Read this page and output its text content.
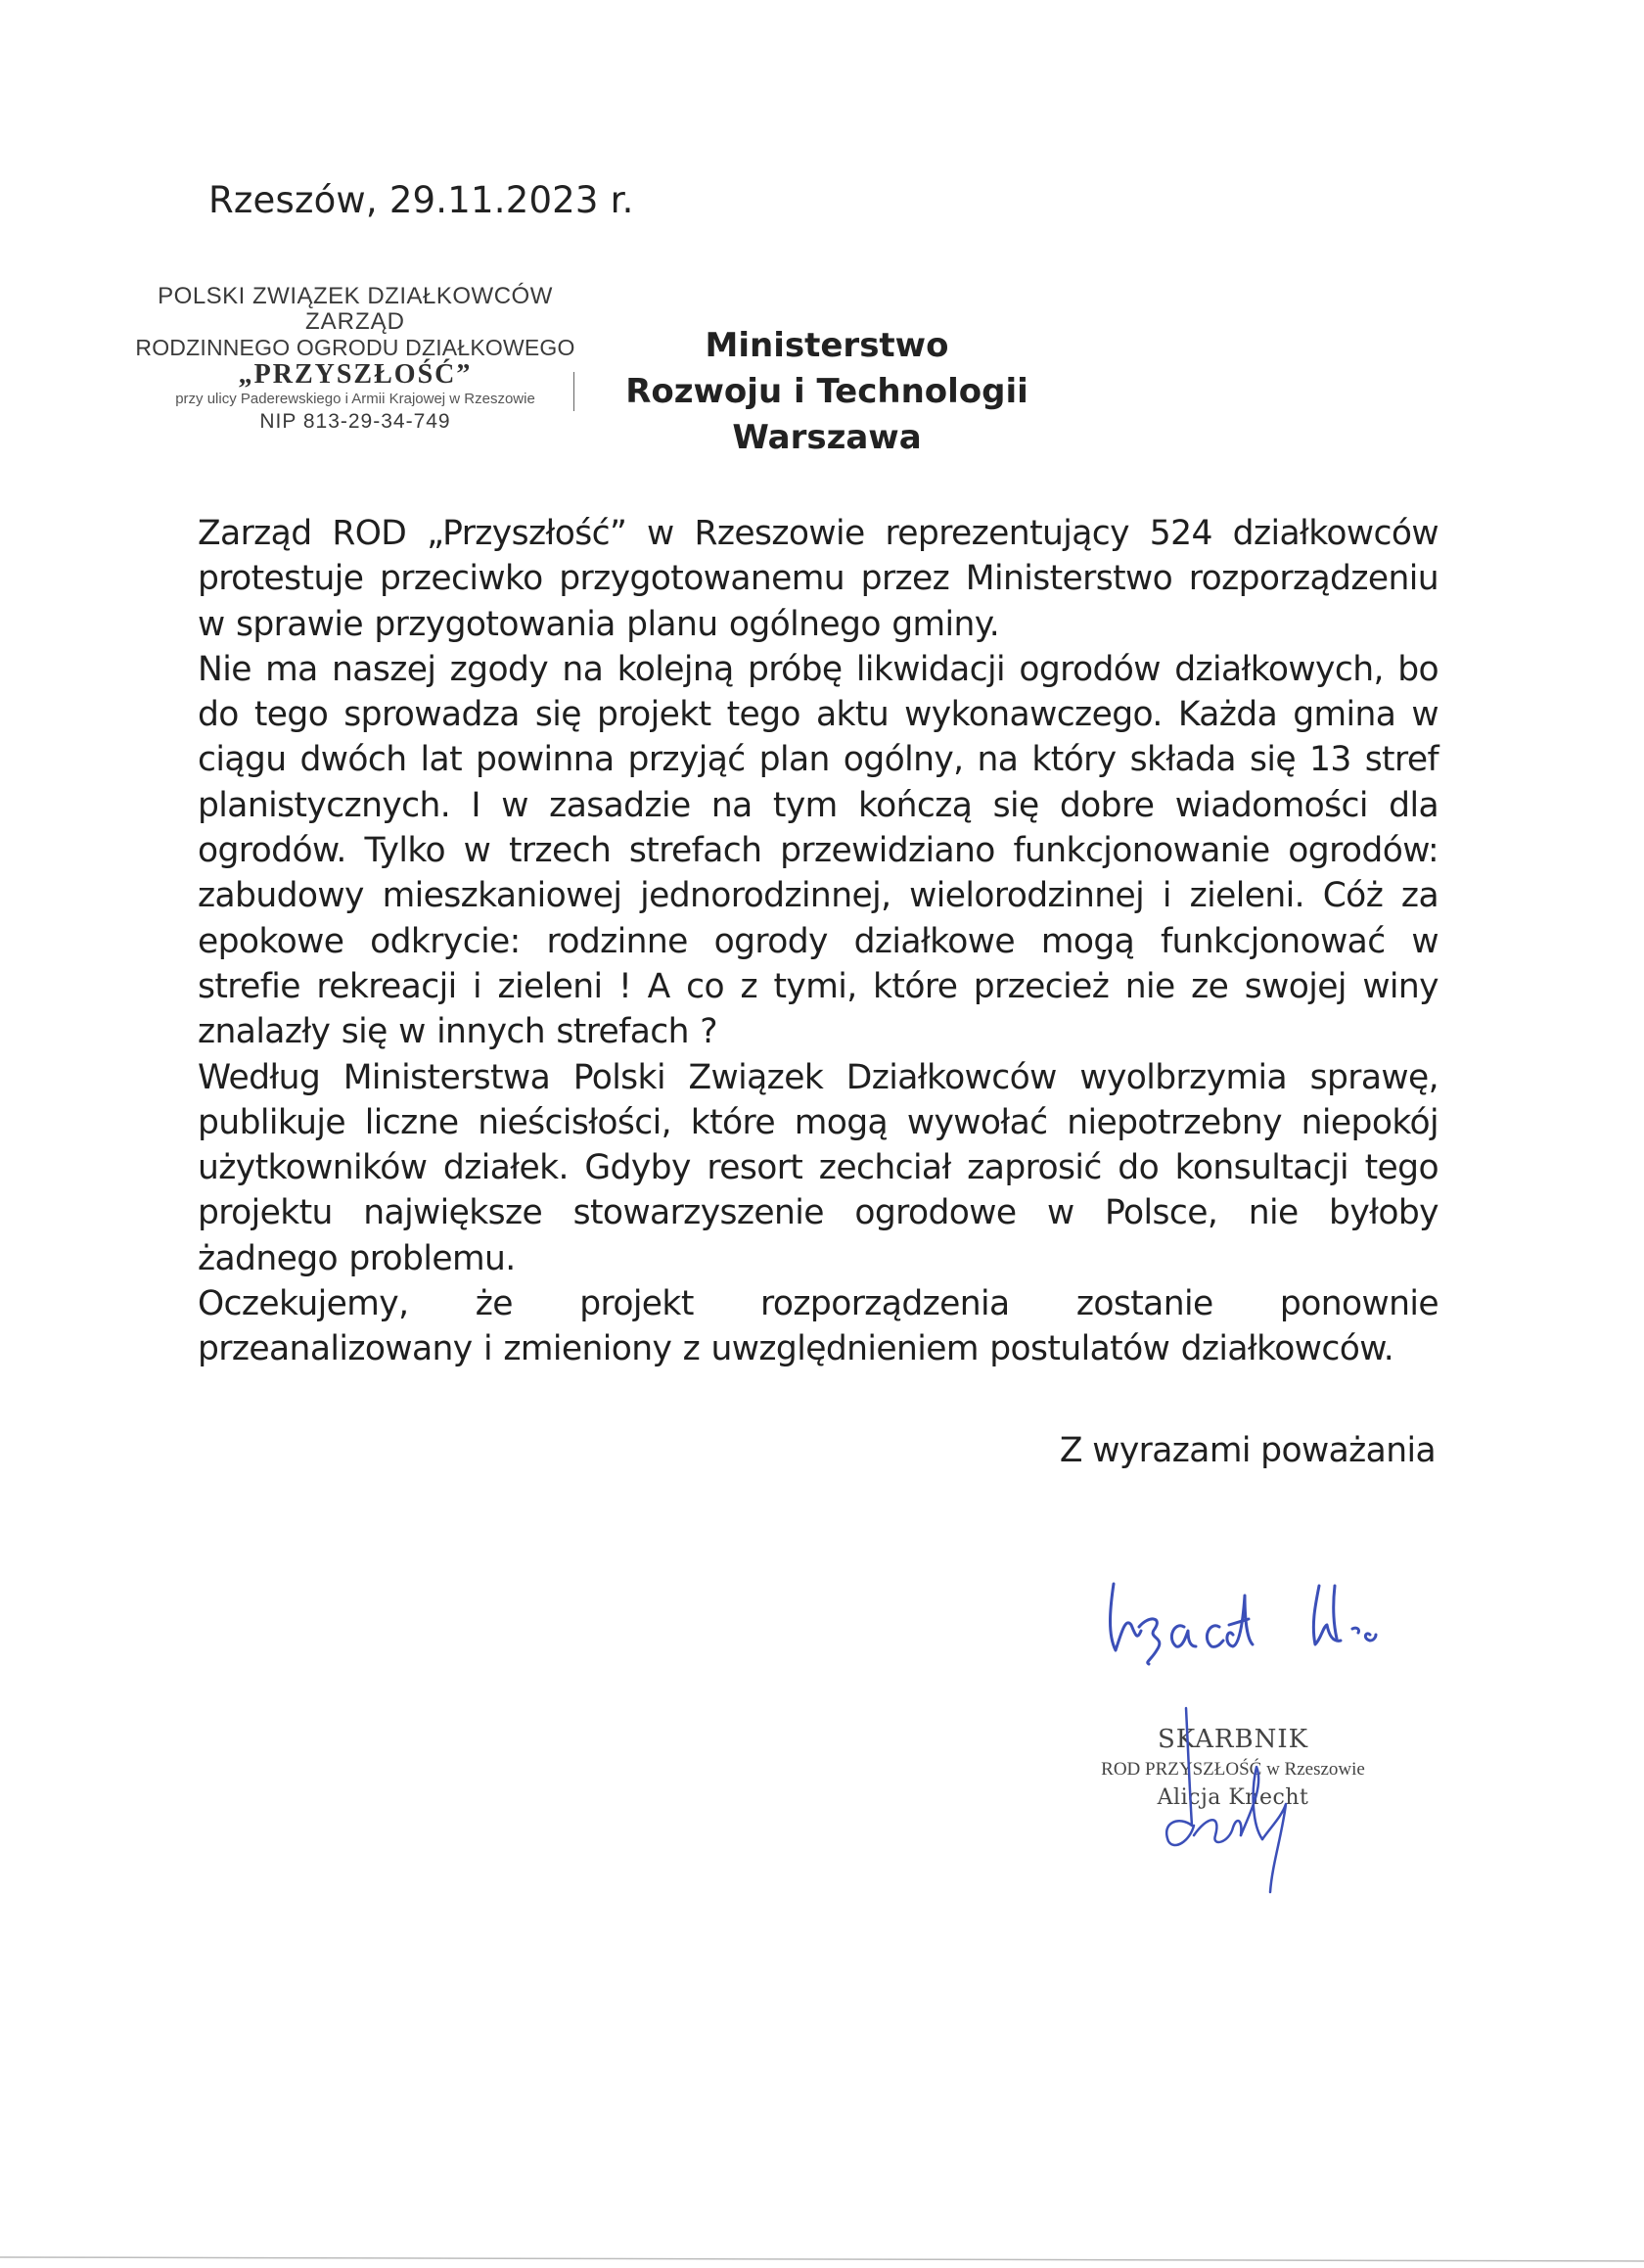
Rzeszów, 29.11.2023 r.
POLSKI ZWIĄZEK DZIAŁKOWCÓW
ZARZĄD
RODZINNEGO OGRODU DZIAŁKOWEGO
„PRZYSZŁOŚĆ”
przy ulicy Paderewskiego i Armii Krajowej w Rzeszowie
NIP 813-29-34-749
Ministerstwo
Rozwoju i Technologii
Warszawa

Zarząd ROD „Przyszłość” w Rzeszowie reprezentujący 524 działkowców protestuje przeciwko przygotowanemu przez Ministerstwo rozporządzeniu w sprawie przygotowania planu ogólnego gminy.

Nie ma naszej zgody na kolejną próbę likwidacji ogrodów działkowych, bo do tego sprowadza się projekt tego aktu wykonawczego. Każda gmina w ciągu dwóch lat powinna przyjąć plan ogólny, na który składa się 13 stref planistycznych. I w zasadzie na tym kończą się dobre wiadomości dla ogrodów. Tylko w trzech strefach przewidziano funkcjonowanie ogrodów: zabudowy mieszkaniowej jednorodzinnej, wielorodzinnej i zieleni. Cóż za epokowe odkrycie: rodzinne ogrody działkowe mogą funkcjonować w strefie rekreacji i zieleni ! A co z tymi, które przecież nie ze swojej winy znalazły się w innych strefach ?

Według Ministerstwa Polski Związek Działkowców wyolbrzymia sprawę, publikuje liczne nieścisłości, które mogą wywołać niepotrzebny niepokój użytkowników działek. Gdyby resort zechciał zaprosić do konsultacji tego projektu największe stowarzyszenie ogrodowe w Polsce, nie byłoby żadnego problemu.

Oczekujemy, że projekt rozporządzenia zostanie ponownie przeanalizowany i zmieniony z uwzględnieniem postulatów działkowców.

Z wyrazami poważania
SKARBNIK
ROD PRZYSZŁOŚĆ w Rzeszowie
Alicja Knecht
